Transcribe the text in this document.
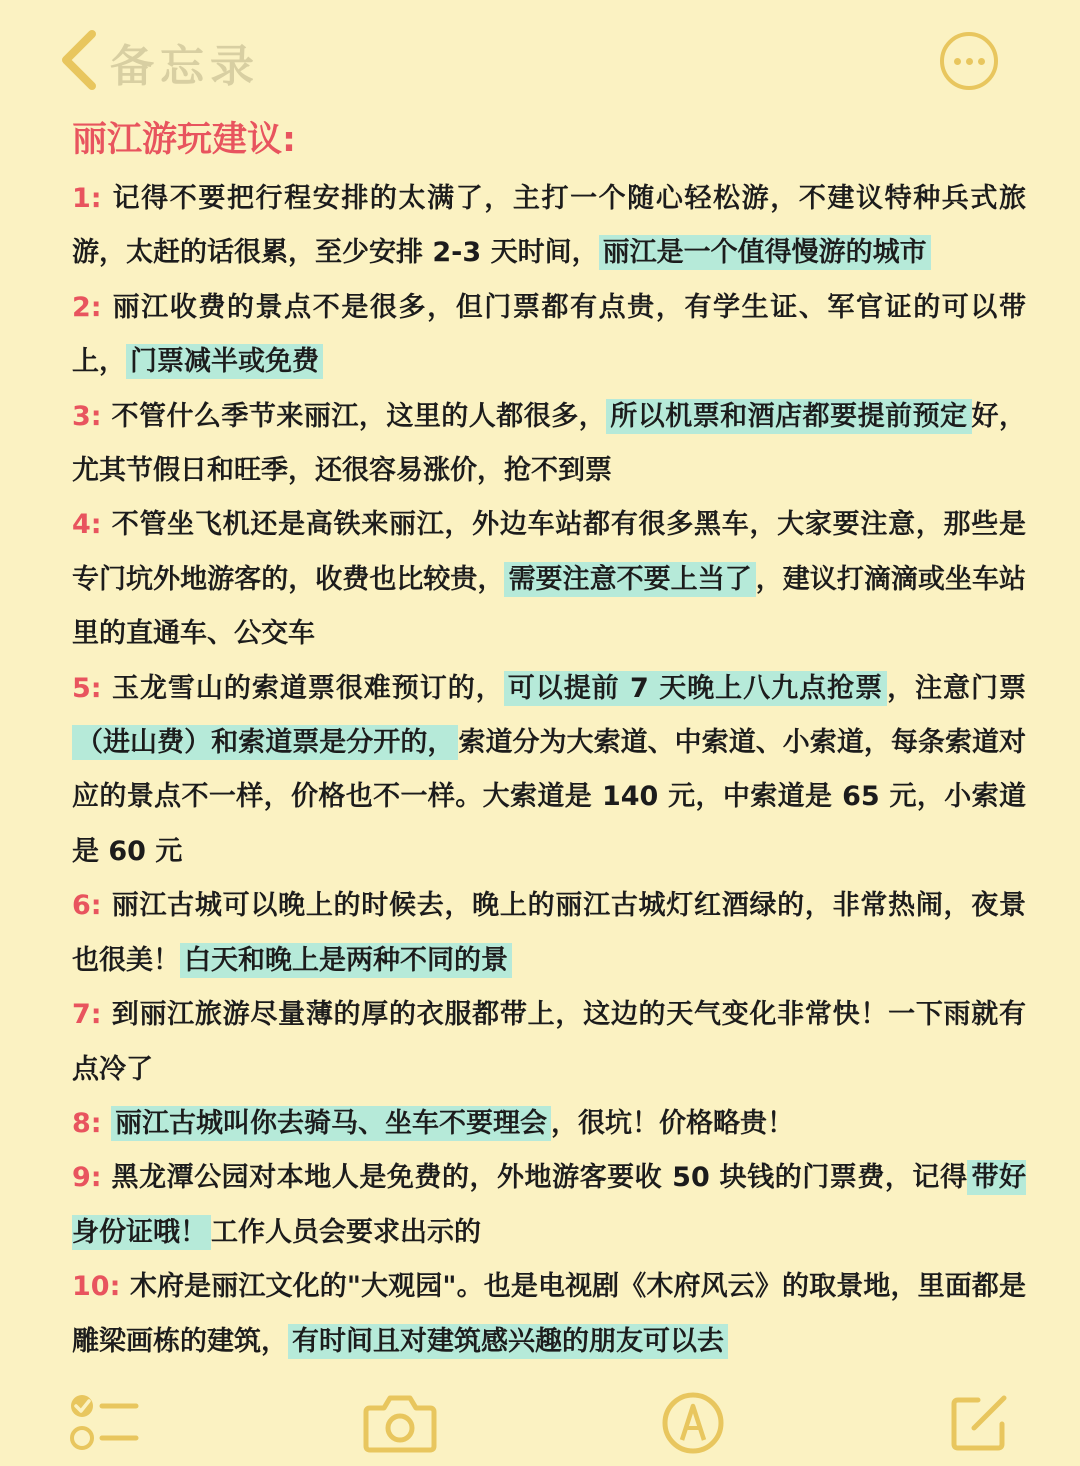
备忘录
丽江游玩建议:

1: 记得不要把行程安排的太满了，主打一个随心轻松游，不建议特种兵式旅游，太赶的话很累，至少安排 2-3 天时间， 丽江是一个值得慢游的城市

2: 丽江收费的景点不是很多，但门票都有点贵，有学生证、军官证的可以带上， 门票减半或免费

3: 不管什么季节来丽江，这里的人都很多， 所以机票和酒店都要提前预定 好，尤其节假日和旺季，还很容易涨价，抢不到票

4: 不管坐飞机还是高铁来丽江，外边车站都有很多黑车，大家要注意，那些是专门坑外地游客的，收费也比较贵， 需要注意不要上当了 ，建议打滴滴或坐车站里的直通车、公交车

5: 玉龙雪山的索道票很难预订的， 可以提前 7 天晚上八九点抢票 ，注意门票（进山费）和索道票是分开的， 索道分为大索道、中索道、小索道，每条索道对应的景点不一样，价格也不一样。大索道是 140 元，中索道是 65 元，小索道是 60 元

6: 丽江古城可以晚上的时候去，晚上的丽江古城灯红酒绿的，非常热闹，夜景也很美！ 白天和晚上是两种不同的景

7: 到丽江旅游尽量薄的厚的衣服都带上，这边的天气变化非常快！一下雨就有点冷了

8: 丽江古城叫你去骑马、坐车不要理会 ，很坑！价格略贵！

9: 黑龙潭公园对本地人是免费的，外地游客要收 50 块钱的门票费，记得 带好身份证哦！ 工作人员会要求出示的

10: 木府是丽江文化的"大观园"。也是电视剧《木府风云》的取景地，里面都是雕梁画栋的建筑， 有时间且对建筑感兴趣的朋友可以去
